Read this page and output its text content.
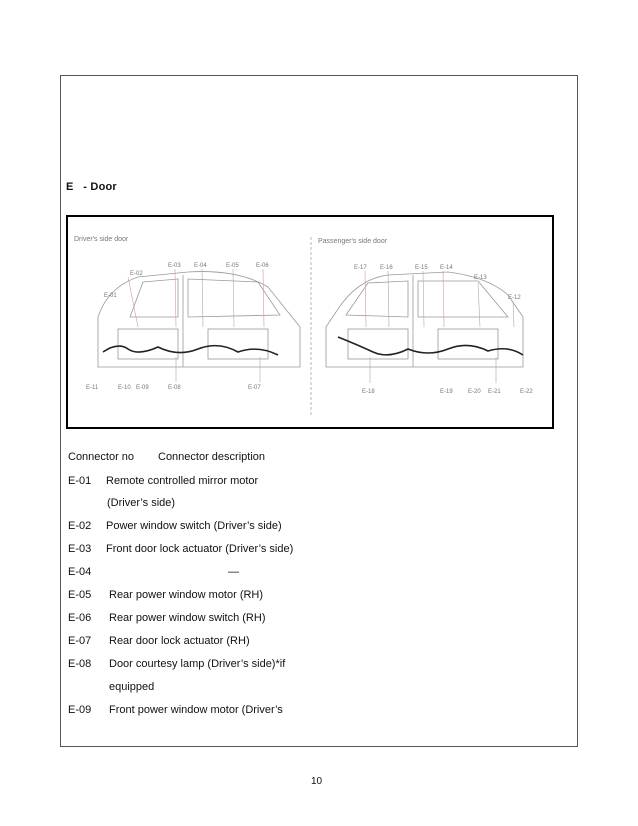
E   - Door
Driver's side door	Passenger's side door
E-02
E-01
E-03 E-04	E-05	E-06
E-11	E-10 E-09	E-08	E-07
E-17 E-16	E-15 E-14
E-13
E-12
E-18	E-19	E-20 E-21	E-22
Connector no Connector description
E-01 Remote controlled mirror motor
(Driver’s side)
E-02 Power window switch (Driver’s side)
E-03 Front door lock actuator (Driver’s side)
E-04	—
E-05 Rear power window motor (RH)
E-06 Rear power window switch (RH)
E-07 Rear door lock actuator (RH)
E-08 Door courtesy lamp (Driver’s side)*if
equipped
E-09 Front power window motor (Driver’s
10
